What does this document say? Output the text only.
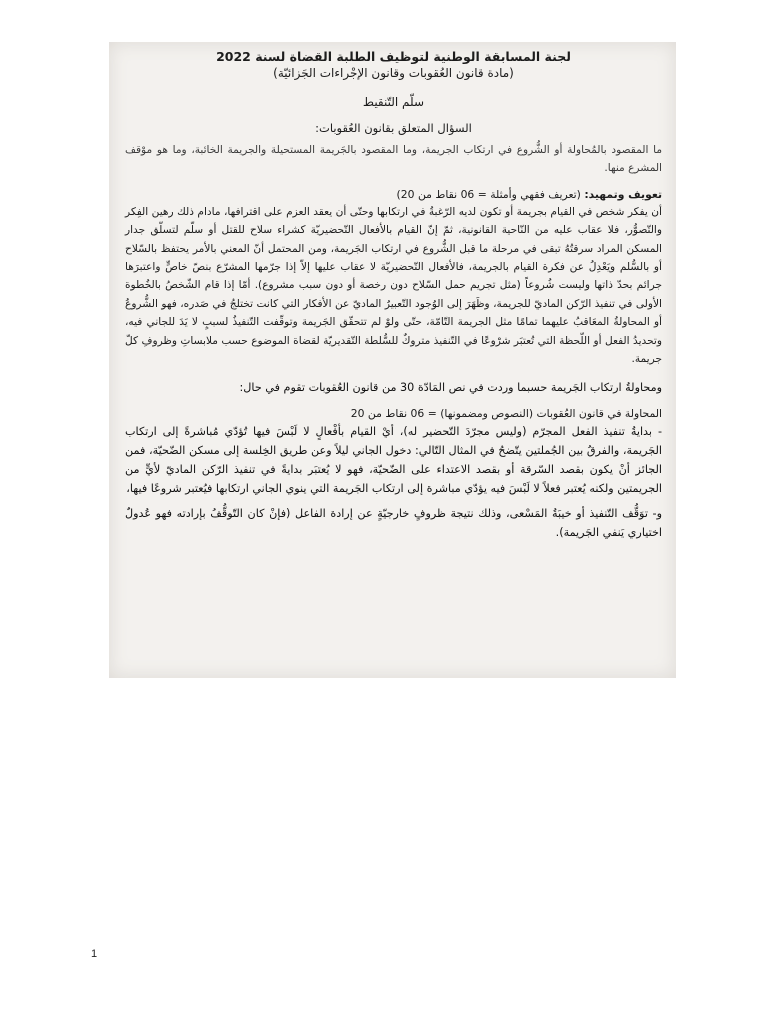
لجنة المسابقة الوطنية لتوظيف الطلبة القضاة لسنة 2022

(مادة قانون العُقوبات وقانون الإجْراءات الجَزائيّة)

سلّم التّنقيط

السؤال المتعلق بقانون العُقوبات:

ما المقصود بالمُحاولة أو الشُّروع في ارتكاب الجريمة، وما المقصود بالجَريمة المستحيلة والجريمة الخائبة، وما هو موْقف المشرع منها.

تعويف وتمهيد: (تعريف فقهي وأمثلة = 06 نقاط من 20)

أن يفكر شخص في القيام بجريمة أو تكون لديه الرّغبةُ في ارتكابها وحتّى أن يعقد العزم على اقترافها، مادام ذلك رهين الفِكر والتّصوُّر، فلا عقاب عليه من النّاحية القانونية، ثمّ إنّ القيام بالأفعال التّحضيريّة كشراء سلاح للقتل أو سلّم لتسلّق جدار المسكن المراد سرقتُهُ تبقى في مرحلة ما قبل الشُّروع في ارتكاب الجَريمة، ومن المحتمل أنّ المعني بالأمر يحتفظ بالسّلاح أو بالسُّلم ويَعْدِلُ عن فكرة القيام بالجريمة، فالأفعال التّحضيريّة لا عقاب عليها إلاّ إذا جرّمها المشرّع بنصّ خاصٍّ واعتبرَها جرائم بحدّ ذاتها وليست شُروعاً (مثل تجريم حمل السّلاح دون رخصة أو دون سبب مشروع). أمّا إذا قام الشّخصُ بالخُطوة الأولى في تنفيذ الرّكن الماديّ للجريمة، وظَهَرَ إلى الوُجود التّعبيرُ الماديّ عن الأفكار التي كانت تختلجُ في صَدره، فهو الشُّروعُ أو المحاولةُ المعَاقبُ عليهما تمامًا مثل الجريمة التّامّة، حتّى ولوْ لم تتحقّق الجَريمة وتوقّفت التّنفيذُ لسببٍ لا يَدَ للجاني فيه، وتحديدُ الفعل أو اللّحظة التي تُعتبَر شرْوعًا في التّنفيذ متروكٌ للسُّلطة التّقديريّة لقضاة الموضوع حسب ملابساتِ وظروفِ كلّ جريمة.

ومحاولةُ ارتكاب الجَريمة حسبما وردت في نص المَادّة 30 من قانون العُقوبات تقوم في حال:

المحاولة في قانون العُقوبات (النصوص ومضمونها) = 06 نقاط من 20

- بدايةُ تنفيذ الفعل المجرّم (وليس مجرّدَ التّحضير له)، أيْ القيام بأفْعالٍ لا لَبْسَ فيها تُؤدّي مُباشرةً إلى ارتكاب الجَريمة، والفرقُ بين الجُملتين يتّضحُ في المثال التّالي: دخول الجاني ليلاً وعن طريق الخِلسة إلى مسكن الضّحيّة، فمن الجائز أنْ يكون بقصد السّرقة أو بقصد الاعتداء على الضّحيّة، فهو لا يُعتبَر بدايةً في تنفيذ الرّكن الماديّ لأيٍّ من الجريمتين ولكنه يُعتبر فعلاً لا لَبْسَ فيه يؤدّي مباشرة إلى ارتكاب الجَريمة التي ينوي الجاني ارتكابها فيُعتبر شروعًا فيها،

و- توَقُّف التّنفيذ أو خيبَةُ المَسْعى، وذلك نتيجة ظروفٍ خارجيّةٍ عن إرادة الفاعل (فإنْ كان التّوقُّفُ بإرادته فهو عُدولٌ اختياري يَنفي الجَريمة).

1
